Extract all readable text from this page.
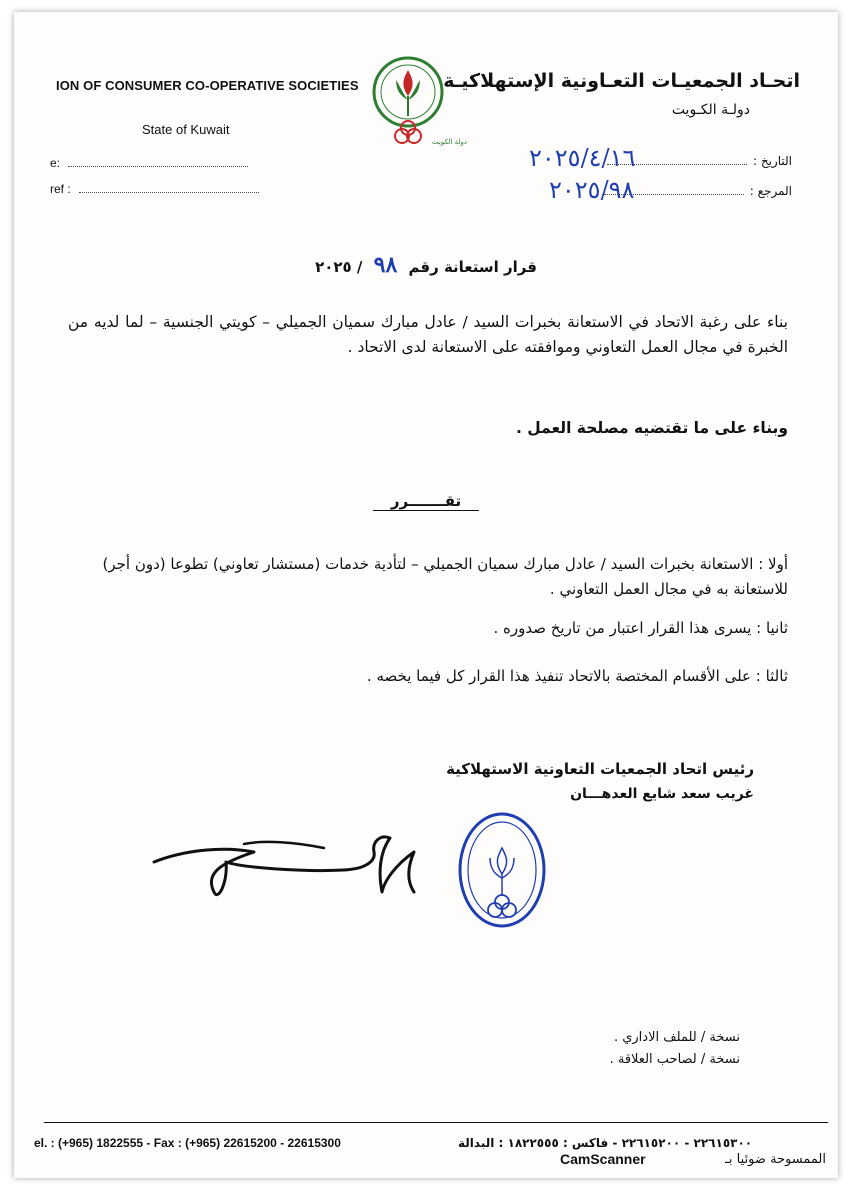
ION OF CONSUMER CO-OPERATIVE SOCIETIES
State of Kuwait
e:
ref :
دولة الكويت
اتحـاد الجمعيـات التعـاونية الإستهلاكيـة
دولـة الكـويت
التاريخ :
المرجع :
٢٠٢٥/٤/١٦
٢٠٢٥/٩٨
قرار استعانة رقم ٩٨ / ٢٠٢٥
بناء على رغبة الاتحاد في الاستعانة بخبرات السيد / عادل مبارك سميان الجميلي – كويتي الجنسية – لما لديه من الخبرة في مجال العمل التعاوني وموافقته على الاستعانة لدى الاتحاد .
وبناء على ما تقتضيه مصلحة العمل .
تقـــــــرر
أولا : الاستعانة بخبرات السيد / عادل مبارك سميان الجميلي – لتأدية خدمات (مستشار تعاوني) تطوعا (دون أجر) للاستعانة به في مجال العمل التعاوني .
ثانيا : يسرى هذا القرار اعتبار من تاريخ صدوره .
ثالثا : على الأقسام المختصة بالاتحاد تنفيذ هذا القرار كل فيما يخصه .
رئيس اتحاد الجمعيات التعاونية الاستهلاكية
غريب سعد شايع العدهـــان
نسخة / للملف الاداري .
نسخة / لصاحب العلاقة .
el. : (+965) 1822555 - Fax : (+965) 22615200 - 22615300	٢٢٦١٥٣٠٠ - ٢٢٦١٥٢٠٠ - فاكس : ١٨٢٢٥٥٥ : البدالة
الممسوحة ضوئيا بـ
CamScanner
